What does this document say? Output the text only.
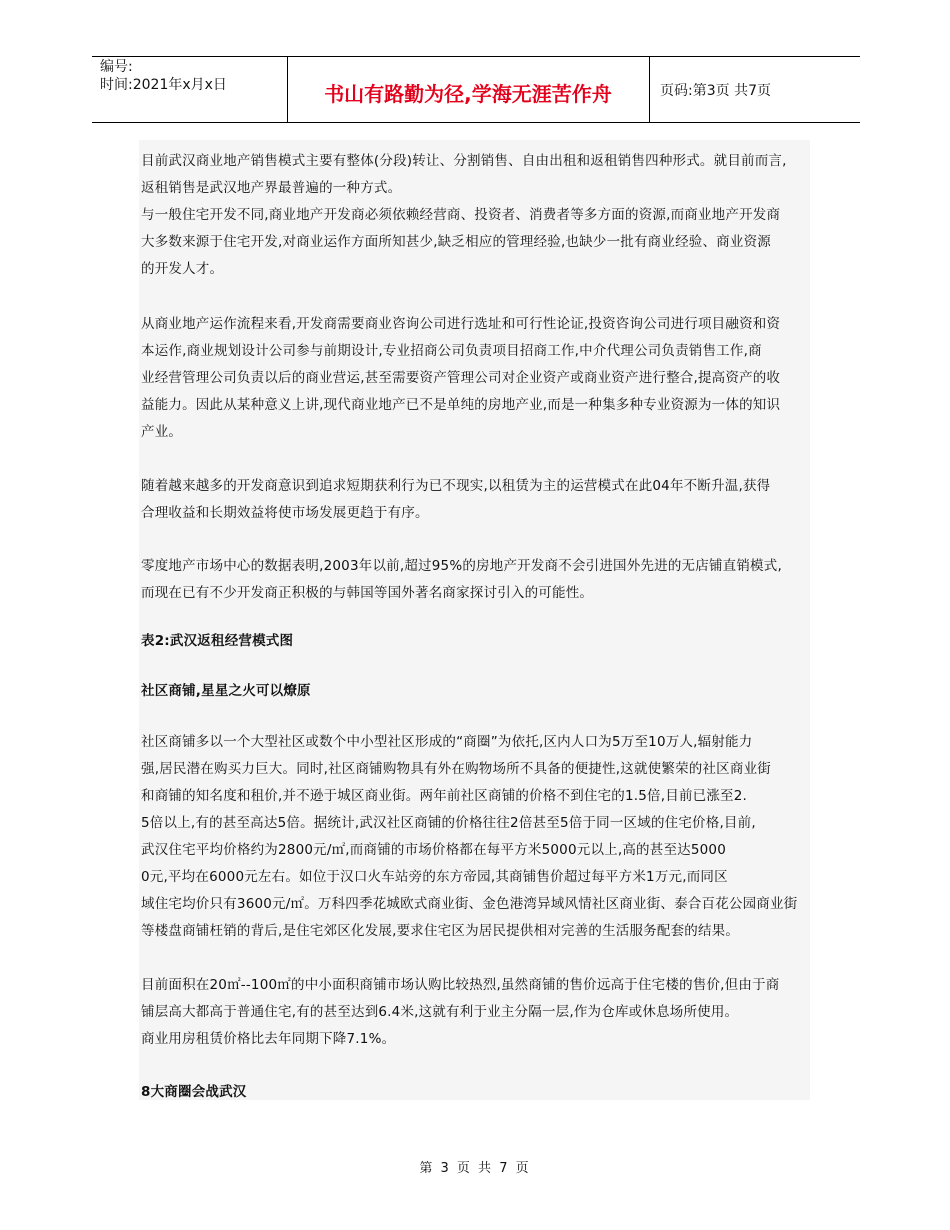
编号:
时间:2021年x月x日	书山有路勤为径,学海无涯苦作舟	页码:第3页 共7页
目前武汉商业地产销售模式主要有整体(分段)转让、分割销售、自由出租和返租销售四种形式。就目前而言,
返租销售是武汉地产界最普遍的一种方式。
与一般住宅开发不同,商业地产开发商必须依赖经营商、投资者、消费者等多方面的资源,而商业地产开发商
大多数来源于住宅开发,对商业运作方面所知甚少,缺乏相应的管理经验,也缺少一批有商业经验、商业资源
的开发人才。
从商业地产运作流程来看,开发商需要商业咨询公司进行选址和可行性论证,投资咨询公司进行项目融资和资
本运作,商业规划设计公司参与前期设计,专业招商公司负责项目招商工作,中介代理公司负责销售工作,商
业经营管理公司负责以后的商业营运,甚至需要资产管理公司对企业资产或商业资产进行整合,提高资产的收
益能力。因此从某种意义上讲,现代商业地产已不是单纯的房地产业,而是一种集多种专业资源为一体的知识
产业。
随着越来越多的开发商意识到追求短期获利行为已不现实,以租赁为主的运营模式在此04年不断升温,获得
合理收益和长期效益将使市场发展更趋于有序。
零度地产市场中心的数据表明,2003年以前,超过95%的房地产开发商不会引进国外先进的无店铺直销模式,
而现在已有不少开发商正积极的与韩国等国外著名商家探讨引入的可能性。
表2:武汉返租经营模式图
社区商铺,星星之火可以燎原
社区商铺多以一个大型社区或数个中小型社区形成的“商圈”为依托,区内人口为5万至10万人,辐射能力
强,居民潜在购买力巨大。同时,社区商铺购物具有外在购物场所不具备的便捷性,这就使繁荣的社区商业街
和商铺的知名度和租价,并不逊于城区商业街。两年前社区商铺的价格不到住宅的1.5倍,目前已涨至2.
5倍以上,有的甚至高达5倍。据统计,武汉社区商铺的价格往往2倍甚至5倍于同一区域的住宅价格,目前,
武汉住宅平均价格约为2800元/㎡,而商铺的市场价格都在每平方米5000元以上,高的甚至达5000
0元,平均在6000元左右。如位于汉口火车站旁的东方帝园,其商铺售价超过每平方米1万元,而同区
域住宅均价只有3600元/㎡。万科四季花城欧式商业街、金色港湾异域风情社区商业街、泰合百花公园商业街
等楼盘商铺枉销的背后,是住宅郊区化发展,要求住宅区为居民提供相对完善的生活服务配套的结果。
目前面积在20㎡--100㎡的中小面积商铺市场认购比较热烈,虽然商铺的售价远高于住宅楼的售价,但由于商
铺层高大都高于普通住宅,有的甚至达到6.4米,这就有利于业主分隔一层,作为仓库或休息场所使用。
商业用房租赁价格比去年同期下降7.1%。
8大商圈会战武汉
第 3 页 共 7 页
